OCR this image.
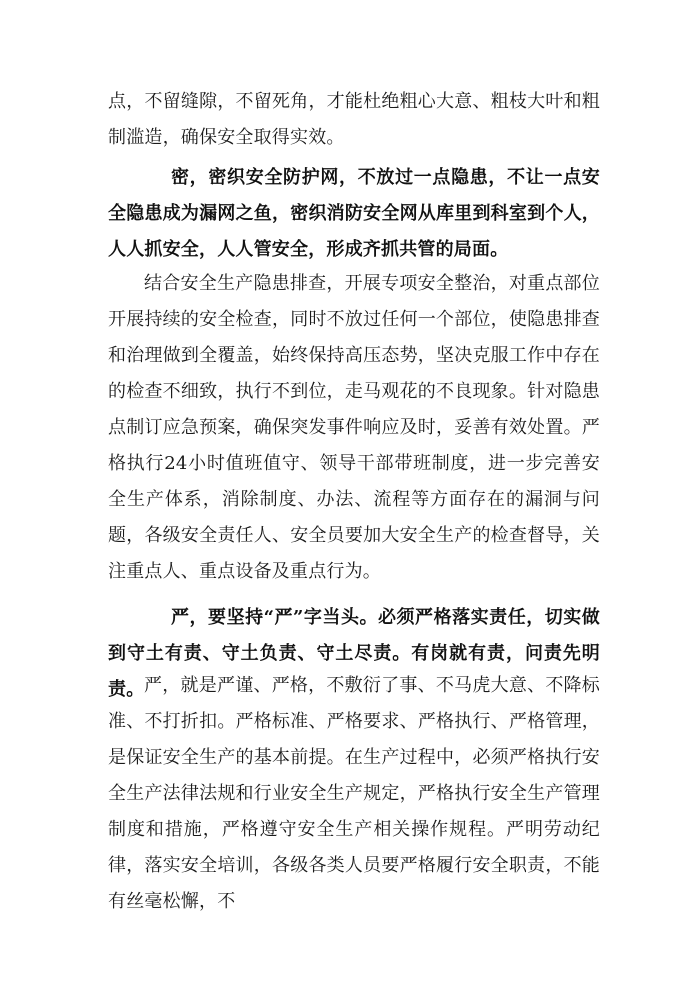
点，不留缝隙，不留死角，才能杜绝粗心大意、粗枝大叶和粗制滥造，确保安全取得实效。
密，密织安全防护网，不放过一点隐患，不让一点安全隐患成为漏网之鱼，密织消防安全网从库里到科室到个人，人人抓安全，人人管安全，形成齐抓共管的局面。
结合安全生产隐患排查，开展专项安全整治，对重点部位开展持续的安全检查，同时不放过任何一个部位，使隐患排查和治理做到全覆盖，始终保持高压态势，坚决克服工作中存在的检查不细致，执行不到位，走马观花的不良现象。针对隐患点制订应急预案，确保突发事件响应及时，妥善有效处置。严格执行24小时值班值守、领导干部带班制度，进一步完善安全生产体系，消除制度、办法、流程等方面存在的漏洞与问题，各级安全责任人、安全员要加大安全生产的检查督导，关注重点人、重点设备及重点行为。
严，要坚持“严”字当头。必须严格落实责任，切实做到守土有责、守土负责、守土尽责。有岗就有责，问责先明责。 严，就是严谨、严格，不敷衍了事、不马虎大意、不降标准、不打折扣。严格标准、严格要求、严格执行、严格管理，是保证安全生产的基本前提。在生产过程中，必须严格执行安全生产法律法规和行业安全生产规定，严格执行安全生产管理制度和措施，严格遵守安全生产相关操作规程。严明劳动纪律，落实安全培训，各级各类人员要严格履行安全职责，不能有丝毫松懈，不
